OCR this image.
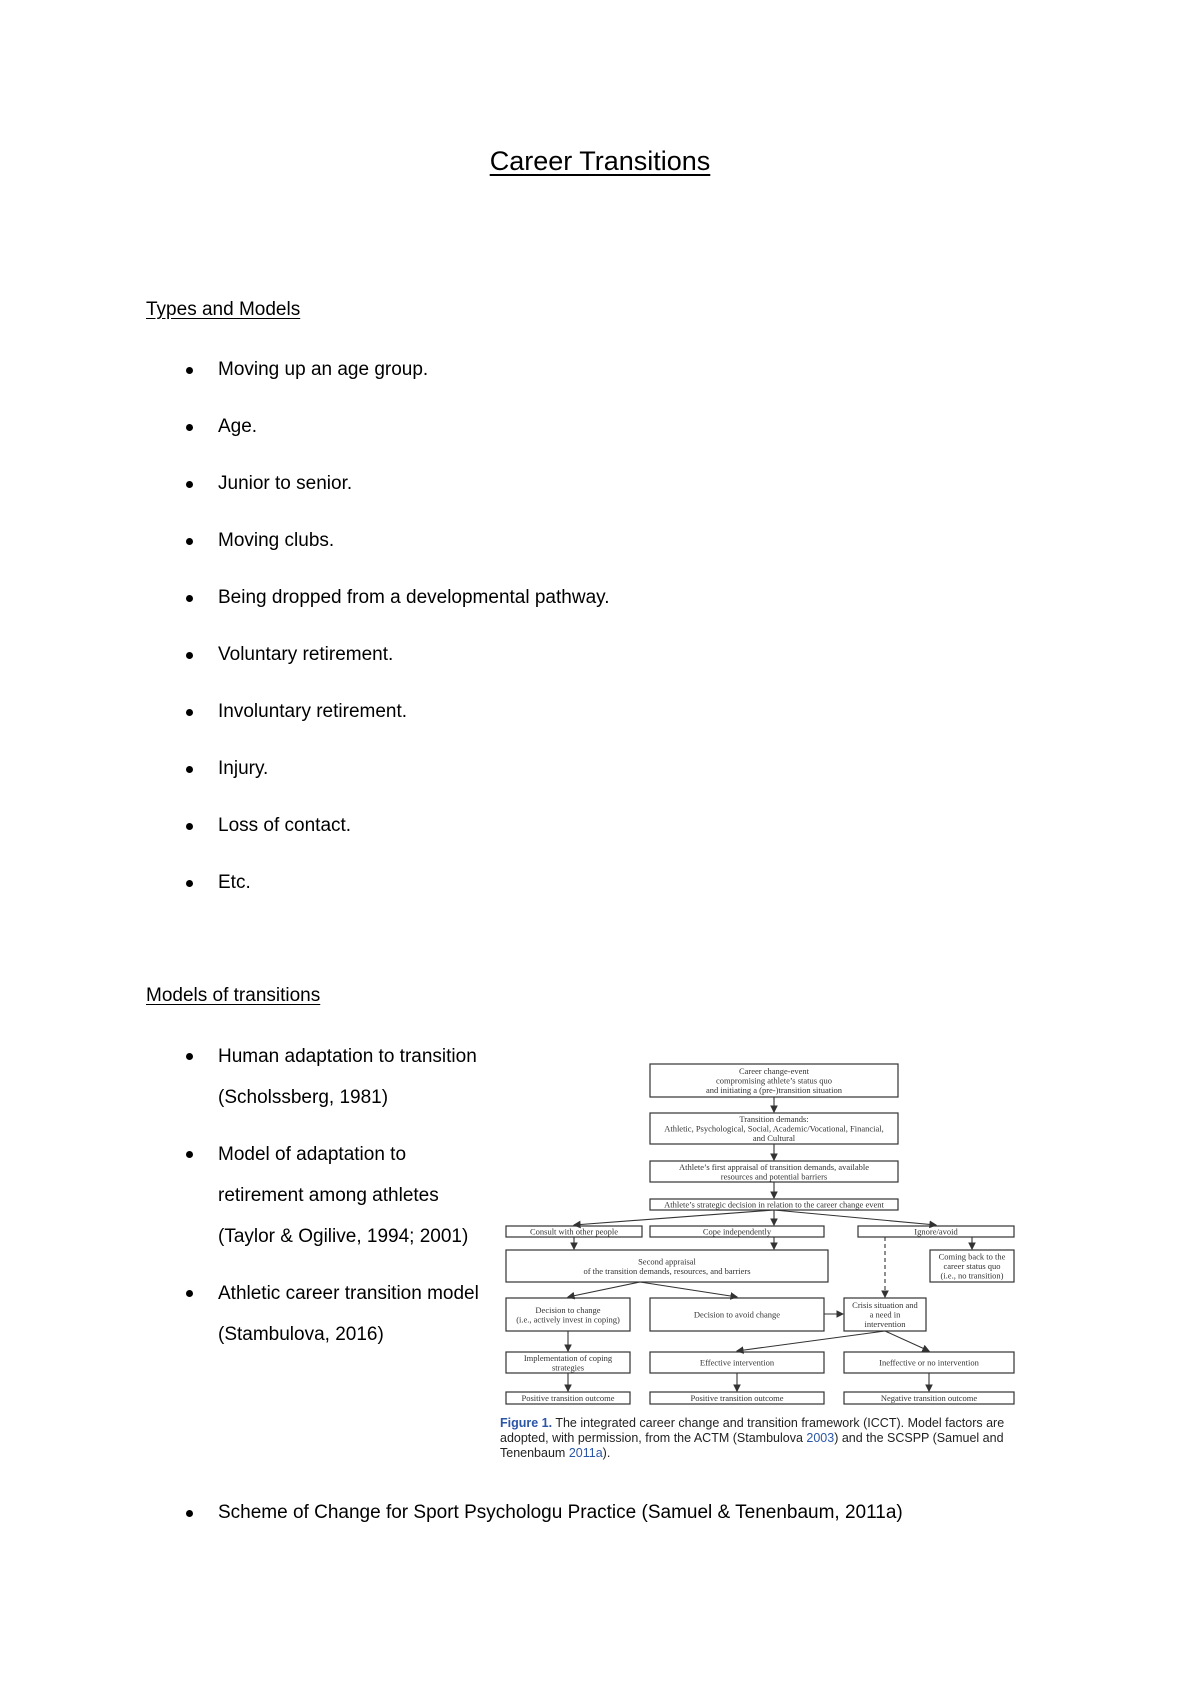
Career Transitions
Types and Models
Moving up an age group.
Age.
Junior to senior.
Moving clubs.
Being dropped from a developmental pathway.
Voluntary retirement.
Involuntary retirement.
Injury.
Loss of contact.
Etc.
Models of transitions
Human adaptation to transition (Scholssberg, 1981)
Model of adaptation to retirement among athletes (Taylor & Ogilive, 1994; 2001)
Athletic career transition model (Stambulova, 2016)
Scheme of Change for Sport Psychologu Practice (Samuel & Tenenbaum, 2011a)
Career change-event
compromising athlete’s status quo
and initiating a (pre-)transition situation
Transition demands:
Athletic, Psychological, Social, Academic/Vocational, Financial,
and Cultural
Athlete’s first appraisal of transition demands, available
resources and potential barriers
Athlete’s strategic decision in relation to the career change event
Consult with other people	Cope independently	Ignore/avoid
Second appraisal
of the transition demands, resources, and barriers
Coming back to the
career status quo
(i.e., no transition)
Decision to change
(i.e., actively invest in coping)	Decision to avoid change
Crisis situation and
a need in
intervention
Implementation of coping
strategies	Effective intervention	Ineffective or no intervention
Positive transition outcome	Positive transition outcome	Negative transition outcome
Figure 1. The integrated career change and transition framework (ICCT). Model factors are adopted, with permission, from the ACTM (Stambulova 2003) and the SCSPP (Samuel and Tenenbaum 2011a).
